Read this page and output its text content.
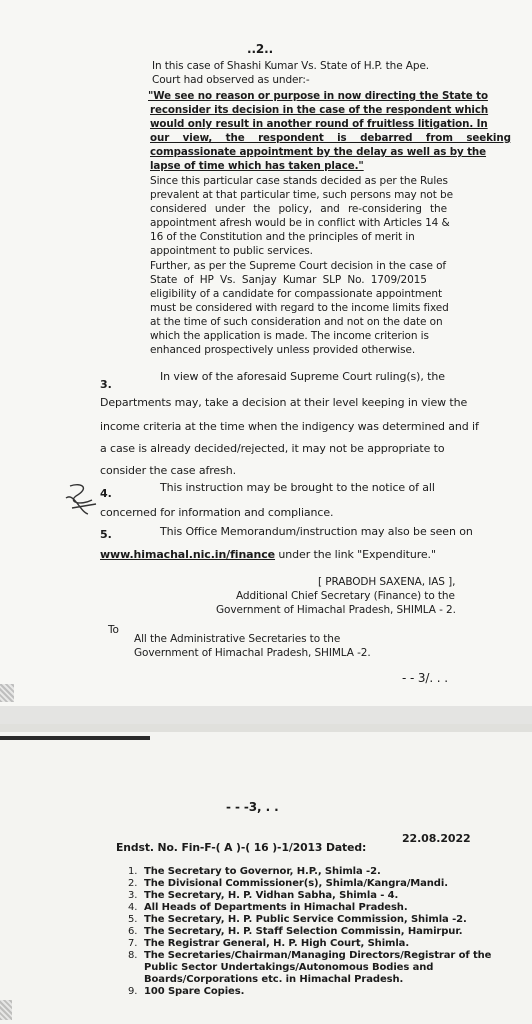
..2..
In this case of Shashi Kumar Vs. State of H.P. the Ape.
Court had observed as under:-
"We see no reason or purpose in now directing the State to
reconsider its decision in the case of the respondent which
would only result in another round of fruitless litigation. In
our view, the respondent is debarred from seeking
compassionate appointment by the delay as well as by the
lapse of time which has taken place."
Since this particular case stands decided as per the Rules
prevalent at that particular time, such persons may not be
considered under the policy, and re-considering the
appointment afresh would be in conflict with Articles 14 &
16 of the Constitution and the principles of merit in
appointment to public services.
Further, as per the Supreme Court decision in the case of
State of HP Vs. Sanjay Kumar SLP No. 1709/2015
eligibility of a candidate for compassionate appointment
must be considered with regard to the income limits fixed
at the time of such consideration and not on the date on
which the application is made. The income criterion is
enhanced prospectively unless provided otherwise.
3.
In view of the aforesaid Supreme Court ruling(s), the
Departments may, take a decision at their level keeping in view the
income criteria at the time when the indigency was determined and if
a case is already decided/rejected, it may not be appropriate to
consider the case afresh.
4.	This instruction may be brought to the notice of all
concerned for information and compliance.
5.	This Office Memorandum/instruction may also be seen on
www.himachal.nic.in/finance under the link "Expenditure."
[ PRABODH SAXENA, IAS ],
Additional Chief Secretary (Finance) to the
Government of Himachal Pradesh, SHIMLA - 2.
To
All the Administrative Secretaries to the
Government of Himachal Pradesh, SHIMLA -2.
- - 3/. . .
- - -3, . .
Endst. No. Fin-F-( A )-( 16 )-1/2013 Dated:
22.08.2022
1. The Secretary to Governor, H.P., Shimla -2.
2. The Divisional Commissioner(s), Shimla/Kangra/Mandi.
3. The Secretary, H. P. Vidhan Sabha, Shimla - 4.
4. All Heads of Departments in Himachal Pradesh.
5. The Secretary, H. P. Public Service Commission, Shimla -2.
6. The Secretary, H. P. Staff Selection Commissin, Hamirpur.
7. The Registrar General, H. P. High Court, Shimla.
8. The Secretaries/Chairman/Managing Directors/Registrar of the
Public Sector Undertakings/Autonomous Bodies and
Boards/Corporations etc. in Himachal Pradesh.
9. 100 Spare Copies.
